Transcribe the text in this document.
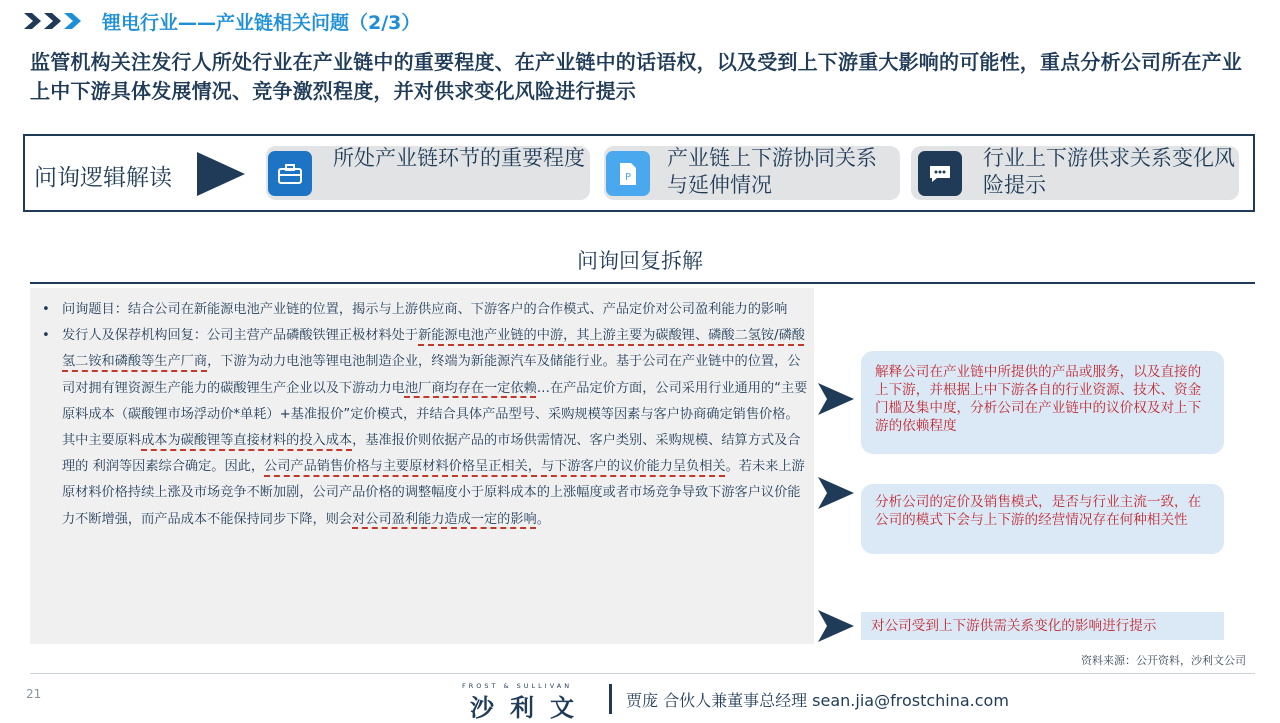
锂电行业——产业链相关问题（2/3）
监管机构关注发行人所处行业在产业链中的重要程度、在产业链中的话语权，以及受到上下游重大影响的可能性，重点分析公司所在产业上中下游具体发展情况、竞争激烈程度，并对供求变化风险进行提示
问询逻辑解读
所处产业链环节的重要程度
P
产业链上下游协同关系与延伸情况
行业上下游供求关系变化风险提示
问询回复拆解
• 问询题目：结合公司在新能源电池产业链的位置，揭示与上游供应商、下游客户的合作模式、产品定价对公司盈利能力的影响
• 发行人及保荐机构回复：公司主营产品磷酸铁锂正极材料处于新能源电池产业链的中游，其上游主要为碳酸锂、磷酸二氢铵/磷酸氢二铵和磷酸等生产厂商，下游为动力电池等锂电池制造企业，终端为新能源汽车及储能行业。基于公司在产业链中的位置，公司对拥有锂资源生产能力的碳酸锂生产企业以及下游动力电池厂商均存在一定依赖…在产品定价方面，公司采用行业通用的“主要原料成本（碳酸锂市场浮动价*单耗）+基准报价”定价模式，并结合具体产品型号、采购规模等因素与客户协商确定销售价格。其中主要原料成本为碳酸锂等直接材料的投入成本，基准报价则依据产品的市场供需情况、客户类别、采购规模、结算方式及合理的 利润等因素综合确定。因此，公司产品销售价格与主要原材料价格呈正相关，与下游客户的议价能力呈负相关。若未来上游原材料价格持续上涨及市场竞争不断加剧，公司产品价格的调整幅度小于原料成本的上涨幅度或者市场竞争导致下游客户议价能力不断增强，而产品成本不能保持同步下降，则会对公司盈利能力造成一定的影响。
解释公司在产业链中所提供的产品或服务，以及直接的上下游，并根据上中下游各自的行业资源、技术、资金门槛及集中度，分析公司在产业链中的议价权及对上下游的依赖程度
分析公司的定价及销售模式，是否与行业主流一致，在公司的模式下会与上下游的经营情况存在何种相关性
对公司受到上下游供需关系变化的影响进行提示
资料来源：公开资料，沙利文公司
21
FROST & SULLIVAN
沙利文 贾庞 合伙人兼董事总经理 sean.jia@frostchina.com
